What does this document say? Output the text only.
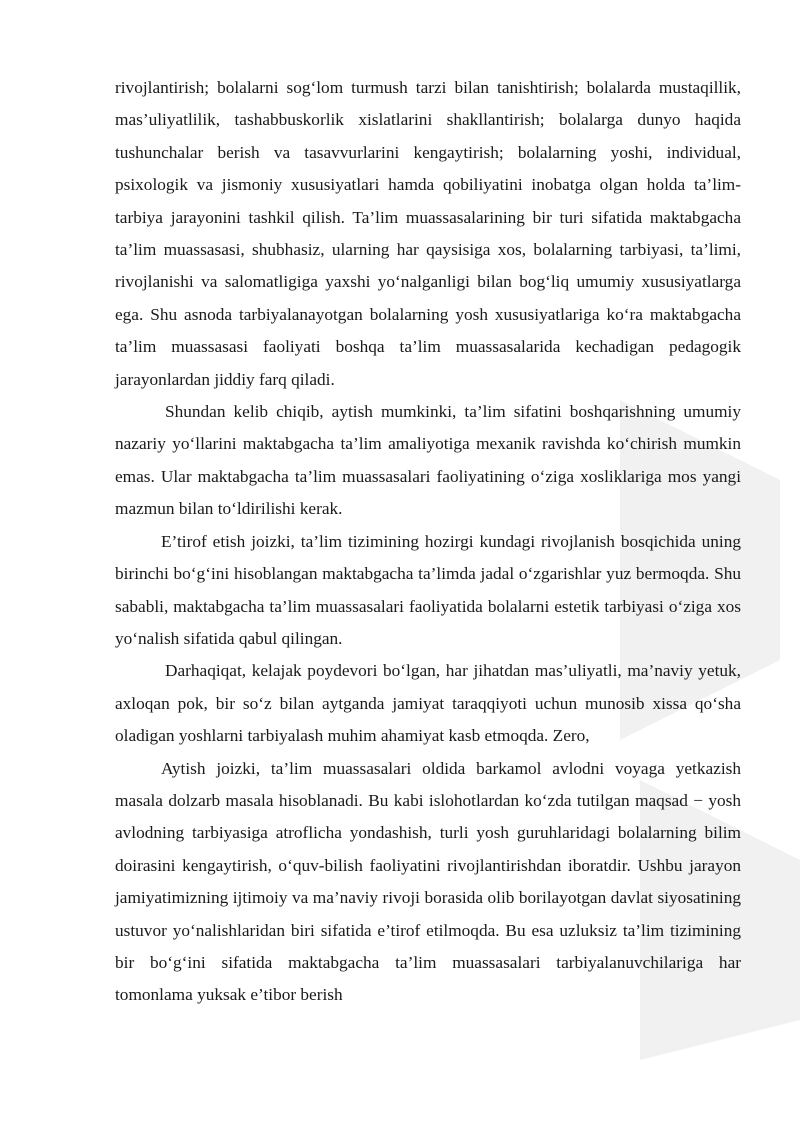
rivojlantirish; bolalarni sog‘lom turmush tarzi bilan tanishtirish; bolalarda mustaqillik, mas’uliyatlilik, tashabbuskorlik xislatlarini shakllantirish; bolalarga dunyo haqida tushunchalar berish va tasavvurlarini kengaytirish; bolalarning yoshi, individual, psixologik va jismoniy xususiyatlari hamda qobiliyatini inobatga olgan holda ta’lim-tarbiya jarayonini tashkil qilish. Ta’lim muassasalarining bir turi sifatida maktabgacha ta’lim muassasasi, shubhasiz, ularning har qaysisiga xos, bolalarning tarbiyasi, ta’limi, rivojlanishi va salomatligiga yaxshi yo‘nalganligi bilan bog‘liq umumiy xususiyatlarga ega. Shu asnoda tarbiyalanayotgan bolalarning yosh xususiyatlariga ko‘ra maktabgacha ta’lim muassasasi faoliyati boshqa ta’lim muassasalarida kechadigan pedagogik jarayonlardan jiddiy farq qiladi.

Shundan kelib chiqib, aytish mumkinki, ta’lim sifatini boshqarishning umumiy nazariy yo‘llarini maktabgacha ta’lim amaliyotiga mexanik ravishda ko‘chirish mumkin emas. Ular maktabgacha ta’lim muassasalari faoliyatining o‘ziga xosliklariga mos yangi mazmun bilan to‘ldirilishi kerak.

E’tirof etish joizki, ta’lim tizimining hozirgi kundagi rivojlanish bosqichida uning birinchi bo‘g‘ini hisoblangan maktabgacha ta’limda jadal o‘zgarishlar yuz bermoqda. Shu sababli, maktabgacha ta’lim muassasalari faoliyatida bolalarni estetik tarbiyasi o‘ziga xos yo‘nalish sifatida qabul qilingan.

Darhaqiqat, kelajak poydevori bo‘lgan, har jihatdan mas’uliyatli, ma’naviy yetuk, axloqan pok, bir so‘z bilan aytganda jamiyat taraqqiyoti uchun munosib xissa qo‘sha oladigan yoshlarni tarbiyalash muhim ahamiyat kasb etmoqda. Zero,

Aytish joizki, ta’lim muassasalari oldida barkamol avlodni voyaga yetkazish masala dolzarb masala hisoblanadi. Bu kabi islohotlardan ko‘zda tutilgan maqsad − yosh avlodning tarbiyasiga atroflicha yondashish, turli yosh guruhlaridagi bolalarning bilim doirasini kengaytirish, o‘quv-bilish faoliyatini rivojlantirishdan iboratdir. Ushbu jarayon jamiyatimizning ijtimoiy va ma’naviy rivoji borasida olib borilayotgan davlat siyosatining ustuvor yo‘nalishlaridan biri sifatida e’tirof etilmoqda. Bu esa uzluksiz ta’lim tizimining bir bo‘g‘ini sifatida maktabgacha ta’lim muassasalari tarbiyalanuvchilariga har tomonlama yuksak e’tibor berish
